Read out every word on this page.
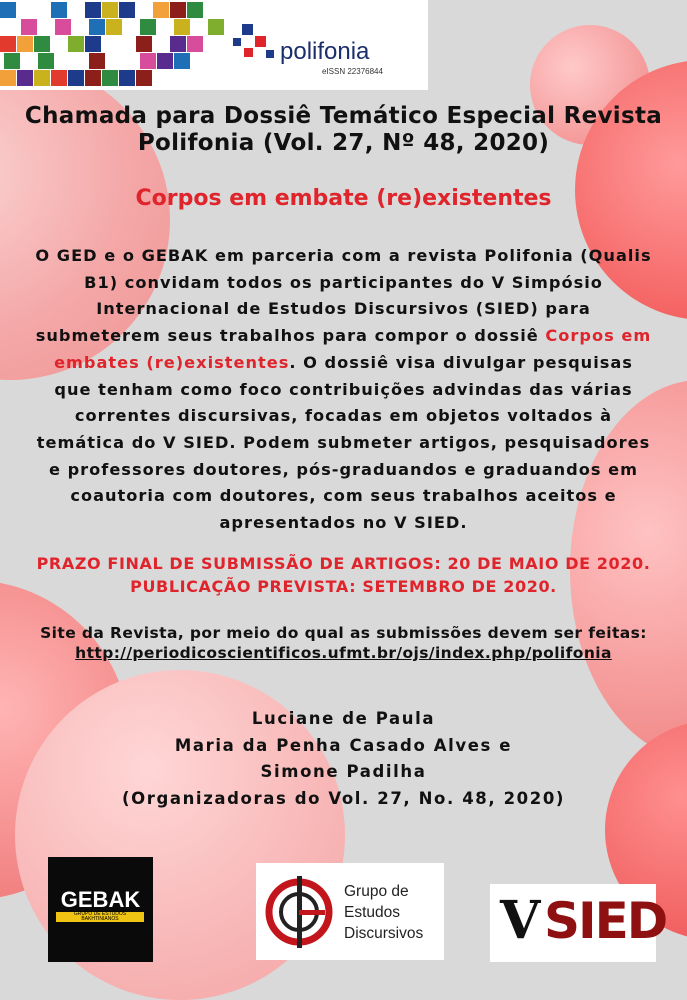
polifonia
eISSN 22376844
Chamada para Dossiê Temático Especial Revista Polifonia (Vol. 27, Nº 48, 2020)
Corpos em embate (re)existentes
O GED e o GEBAK em parceria com a revista Polifonia (Qualis B1) convidam todos os participantes do V Simpósio Internacional de Estudos Discursivos (SIED) para submeterem seus trabalhos para compor o dossiê Corpos em embates (re)existentes. O dossiê visa divulgar pesquisas que tenham como foco contribuições advindas das várias correntes discursivas, focadas em objetos voltados à temática do V SIED. Podem submeter artigos, pesquisadores e professores doutores, pós-graduandos e graduandos em coautoria com doutores, com seus trabalhos aceitos e apresentados no V SIED.
PRAZO FINAL DE SUBMISSÃO DE ARTIGOS: 20 DE MAIO DE 2020.
PUBLICAÇÃO PREVISTA: SETEMBRO DE 2020.
Site da Revista, por meio do qual as submissões devem ser feitas:
http://periodicoscientificos.ufmt.br/ojs/index.php/polifonia
Luciane de Paula
Maria da Penha Casado Alves e
Simone Padilha
(Organizadoras do Vol. 27, No. 48, 2020)
GEBAK
GRUPO DE ESTUDOS BAKHTINIANOS
Grupo de
Estudos
Discursivos V SIED
